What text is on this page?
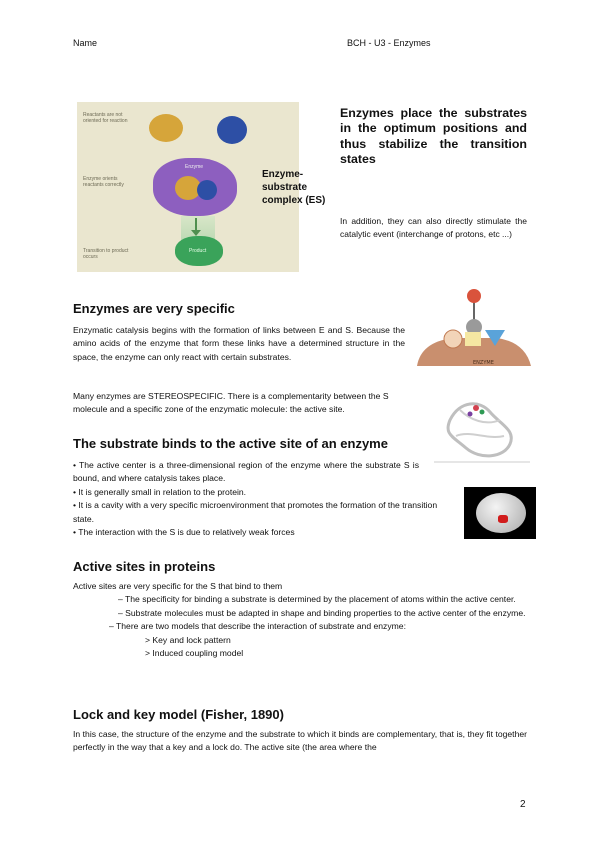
Name	BCH - U3 - Enzymes
Reactants are not oriented for reaction
Enzyme orients reactants correctly
Transition to product occurs
Enzyme
Product
Enzyme-substrate complex (ES)
Enzymes place the substrates in the optimum positions and thus stabilize the transition states
In addition, they can also directly stimulate the catalytic event (interchange of protons, etc ...)
Enzymes are very specific
Enzymatic catalysis begins with the formation of links between E and S. Because the amino acids of the enzyme that form these links have a determined structure in the space, the enzyme can only react with certain substrates.
Many enzymes are STEREOSPECIFIC. There is a complementarity between the S molecule and a specific zone of the enzymatic molecule: the active site.
ENZYME
The substrate binds to the active site of an enzyme
• The active center is a three-dimensional region of the enzyme where the substrate S is bound, and where catalysis takes place.
• It is generally small in relation to the protein.
• It is a cavity with a very specific microenvironment that promotes the formation of the transition state.
• The interaction with the S is due to relatively weak forces
Active sites in proteins
Active sites are very specific for the S that bind to them
– The specificity for binding a substrate is determined by the placement of atoms within the active center.
– Substrate molecules must be adapted in shape and binding properties to the active center of the enzyme.
– There are two models that describe the interaction of substrate and enzyme:
> Key and lock pattern
> Induced coupling model
Lock and key model (Fisher, 1890)
In this case, the structure of the enzyme and the substrate to which it binds are complementary, that is, they fit together perfectly in the way that a key and a lock do. The active site (the area where the
2
